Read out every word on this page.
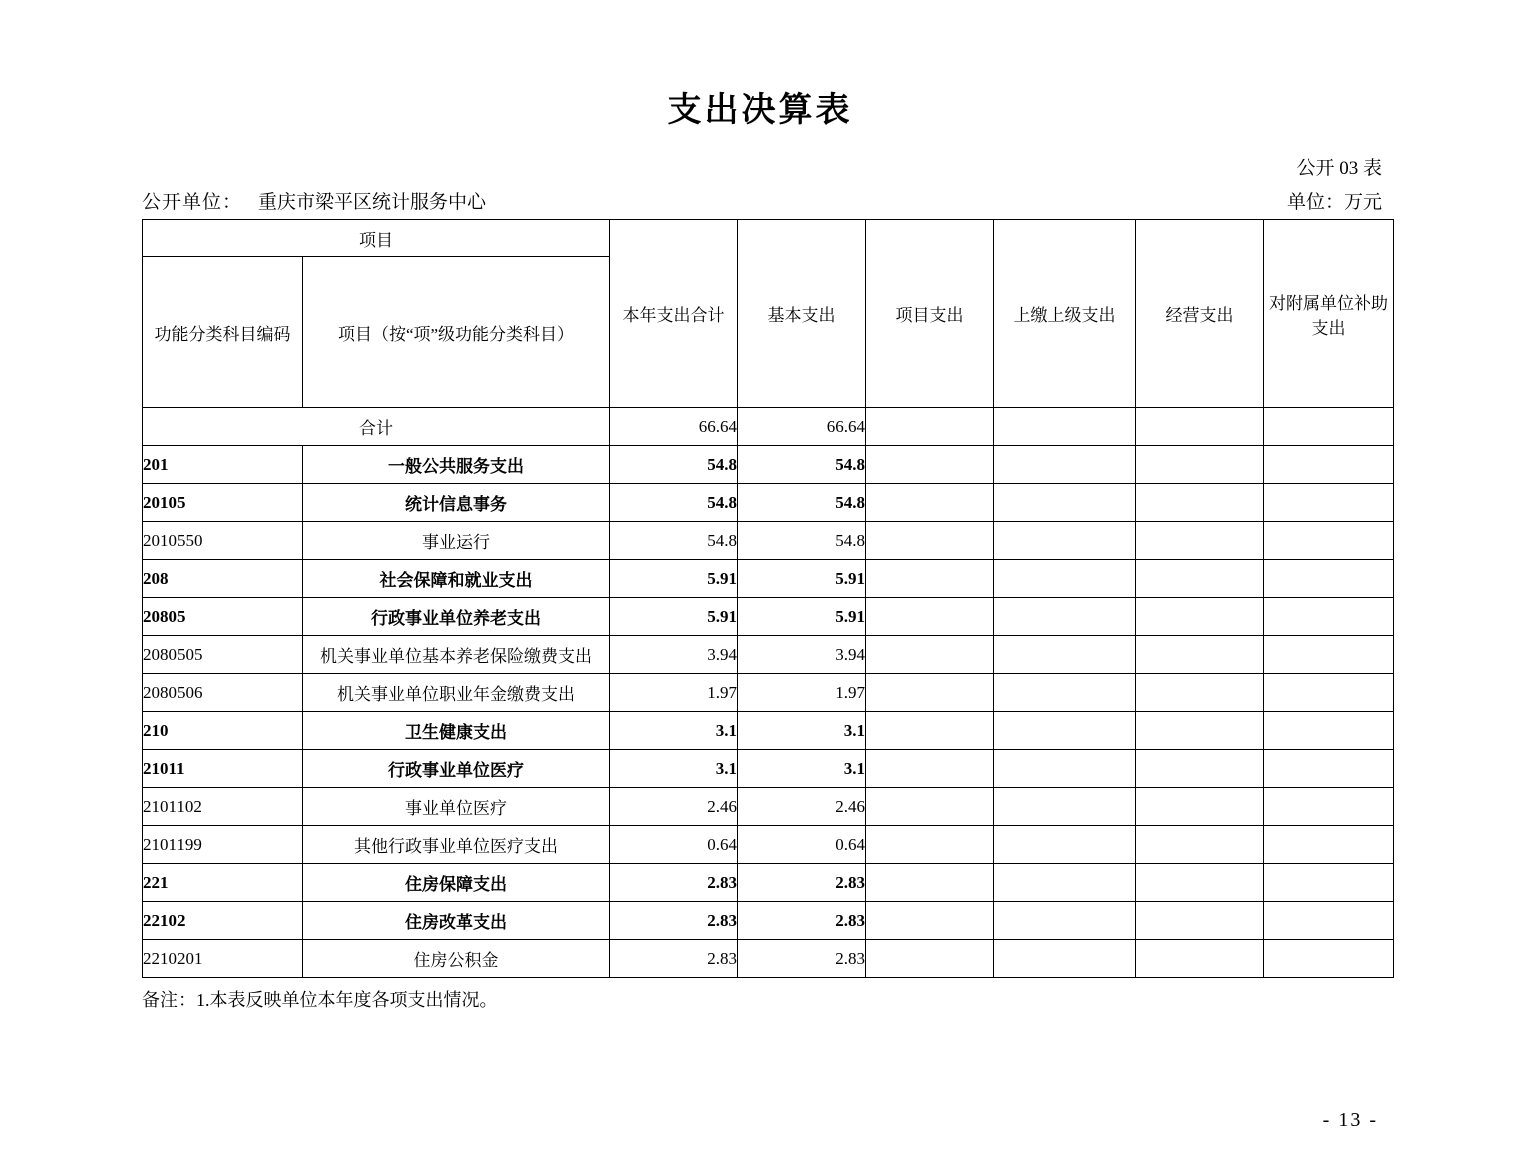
支出决算表
公开 03 表
公开单位： 重庆市梁平区统计服务中心	单位：万元
项目		本年支出合计	基本支出	项目支出	上缴上级支出	经营支出	对附属单位补助支出
功能分类科目编码	项目（按“项”级功能分类科目）						
合计		66.64	66.64				
201	一般公共服务支出	54.8	54.8				
20105	统计信息事务	54.8	54.8				
2010550	事业运行	54.8	54.8				
208	社会保障和就业支出	5.91	5.91				
20805	行政事业单位养老支出	5.91	5.91				
2080505	机关事业单位基本养老保险缴费支出	3.94	3.94				
2080506	机关事业单位职业年金缴费支出	1.97	1.97				
210	卫生健康支出	3.1	3.1				
21011	行政事业单位医疗	3.1	3.1				
2101102	事业单位医疗	2.46	2.46				
2101199	其他行政事业单位医疗支出	0.64	0.64				
221	住房保障支出	2.83	2.83				
22102	住房改革支出	2.83	2.83				
2210201	住房公积金	2.83	2.83				
备注：1.本表反映单位本年度各项支出情况。
- 13 -
